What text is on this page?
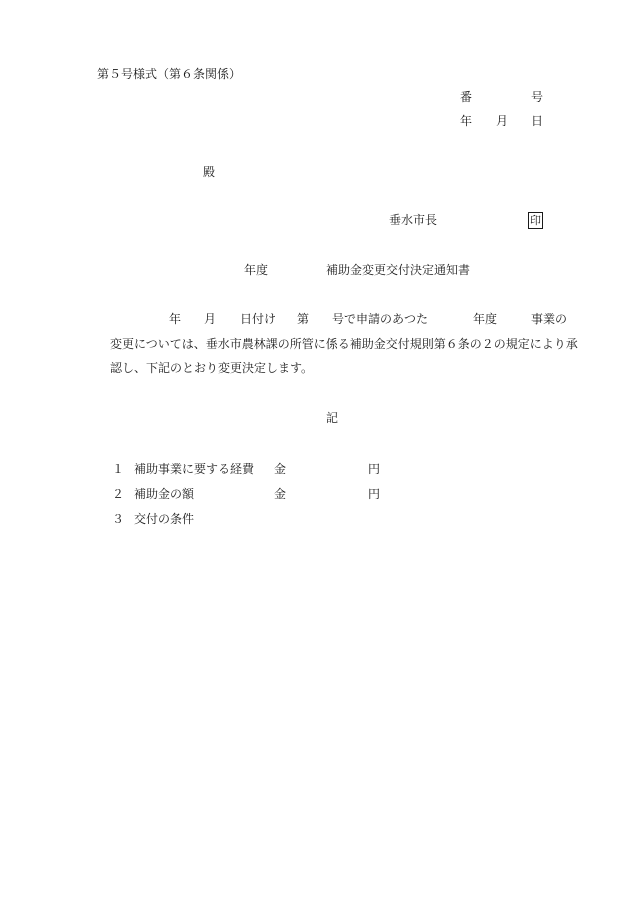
第５号様式（第６条関係）
番	号
年 月 日
殿
垂水市長	印
年度	補助金変更交付決定通知書
年 月 日付け 第 号で申請のあつた	年度	事業の
変更については、垂水市農林課の所管に係る補助金交付規則第６条の２の規定により承
認し、下記のとおり変更決定します。
記
１ 補助事業に要する経費 金	円
２ 補助金の額	金	円
３ 交付の条件
